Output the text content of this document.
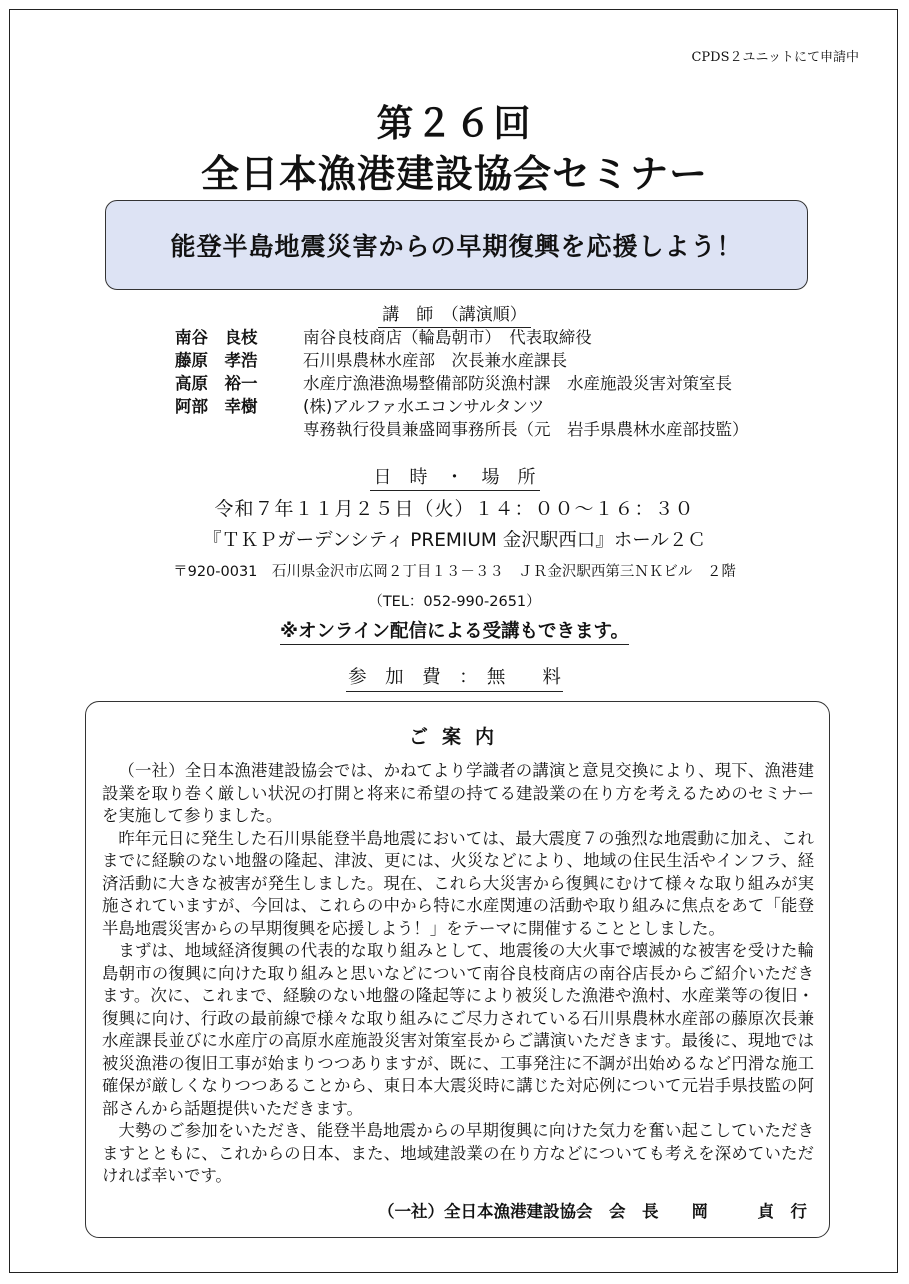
CPDS２ユニットにて申請中
第２６回
全日本漁港建設協会セミナー
能登半島地震災害からの早期復興を応援しよう！
講　師　（講演順）
南谷　良枝	南谷良枝商店（輪島朝市）　代表取締役
藤原　孝浩	石川県農林水産部　次長兼水産課長
高原　裕一	水産庁漁港漁場整備部防災漁村課　水産施設災害対策室長
阿部　幸樹	(株)アルファ水エコンサルタンツ
専務執行役員兼盛岡事務所長（元　岩手県農林水産部技監）
日　時　・　場　所
令和７年１１月２５日（火）１４：００～１６：３０
『ＴＫＰガーデンシティ PREMIUM 金沢駅西口』ホール２Ｃ
〒920-0031　石川県金沢市広岡２丁目１３－３３　ＪＲ金沢駅西第三ＮＫビル　２階
（TEL：052-990-2651）
※オンライン配信による受講もできます。
参　加　費　：　無　　料
ご案内

（一社）全日本漁港建設協会では、かねてより学識者の講演と意見交換により、現下、漁港建設業を取り巻く厳しい状況の打開と将来に希望の持てる建設業の在り方を考えるためのセミナーを実施して参りました。

昨年元日に発生した石川県能登半島地震においては、最大震度７の強烈な地震動に加え、これまでに経験のない地盤の隆起、津波、更には、火災などにより、地域の住民生活やインフラ、経済活動に大きな被害が発生しました。現在、これら大災害から復興にむけて様々な取り組みが実施されていますが、今回は、これらの中から特に水産関連の活動や取り組みに焦点をあて「能登半島地震災害からの早期復興を応援しよう！」をテーマに開催することとしました。

まずは、地域経済復興の代表的な取り組みとして、地震後の大火事で壊滅的な被害を受けた輪島朝市の復興に向けた取り組みと思いなどについて南谷良枝商店の南谷店長からご紹介いただきます。次に、これまで、経験のない地盤の隆起等により被災した漁港や漁村、水産業等の復旧・復興に向け、行政の最前線で様々な取り組みにご尽力されている石川県農林水産部の藤原次長兼水産課長並びに水産庁の高原水産施設災害対策室長からご講演いただきます。最後に、現地では被災漁港の復旧工事が始まりつつありますが、既に、工事発注に不調が出始めるなど円滑な施工確保が厳しくなりつつあることから、東日本大震災時に講じた対応例について元岩手県技監の阿部さんから話題提供いただきます。

大勢のご参加をいただき、能登半島地震からの早期復興に向けた気力を奮い起こしていただきますとともに、これからの日本、また、地域建設業の在り方などについても考えを深めていただければ幸いです。

（一社）全日本漁港建設協会　会　長　　岡　　　貞　行
